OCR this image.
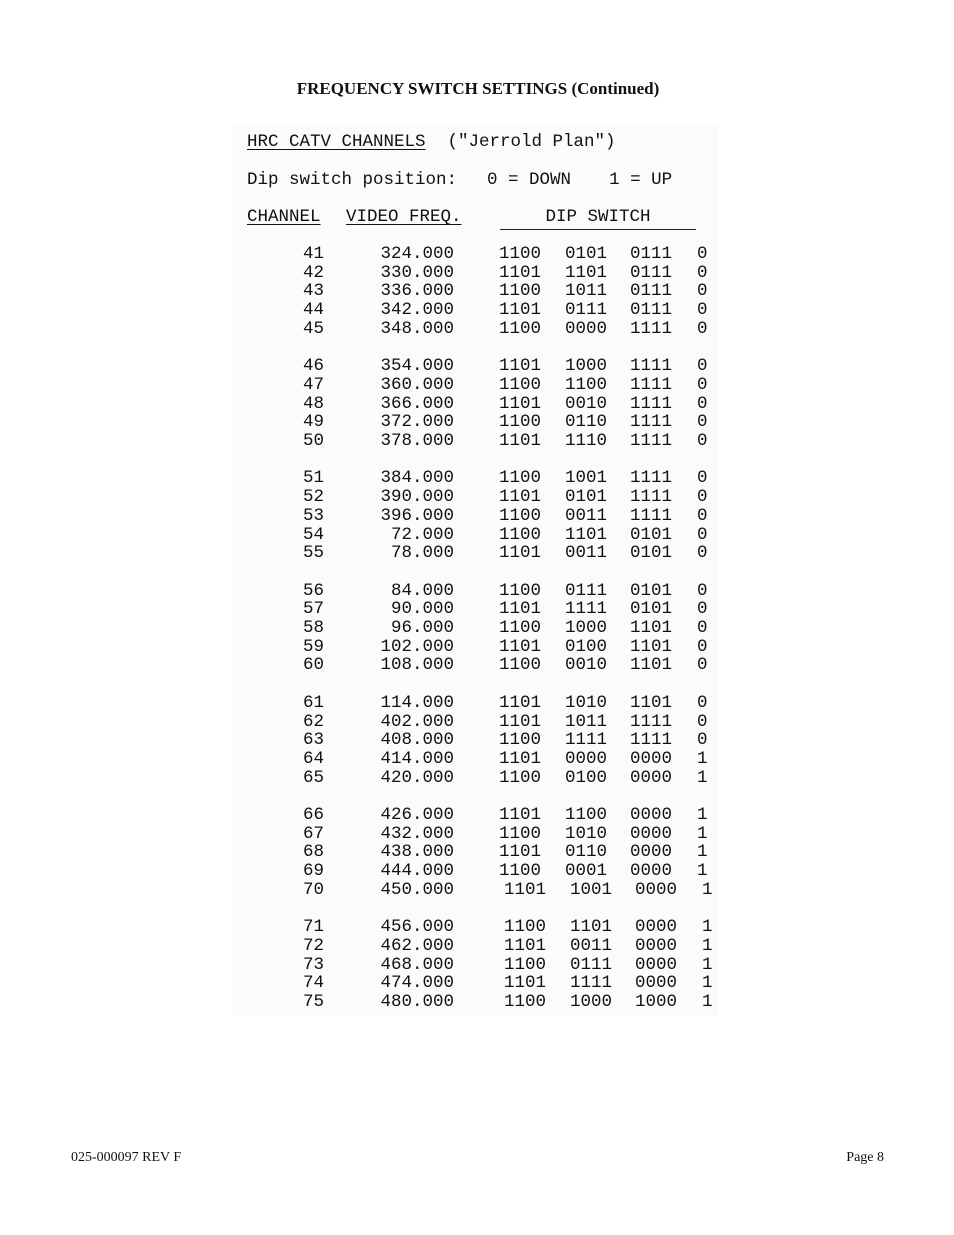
FREQUENCY SWITCH SETTINGS (Continued)
HRC CATV CHANNELS ("Jerrold Plan")
Dip switch position: 0 = DOWN 1 = UP
CHANNEL VIDEO FREQ.	DIP SWITCH
41	324.000	1100 0101 0111 0
42	330.000	1101 1101 0111 0
43	336.000	1100 1011 0111 0
44	342.000	1101 0111 0111 0
45	348.000	1100 0000 1111 0
46	354.000	1101 1000 1111 0
47	360.000	1100 1100 1111 0
48	366.000	1101 0010 1111 0
49	372.000	1100 0110 1111 0
50	378.000	1101 1110 1111 0
51	384.000	1100 1001 1111 0
52	390.000	1101 0101 1111 0
53	396.000	1100 0011 1111 0
54	72.000	1100 1101 0101 0
55	78.000	1101 0011 0101 0
56	84.000	1100 0111 0101 0
57	90.000	1101 1111 0101 0
58	96.000	1100 1000 1101 0
59	102.000	1101 0100 1101 0
60	108.000	1100 0010 1101 0
61	114.000	1101 1010 1101 0
62	402.000	1101 1011 1111 0
63	408.000	1100 1111 1111 0
64	414.000	1101 0000 0000 1
65	420.000	1100 0100 0000 1
66	426.000	1101 1100 0000 1
67	432.000	1100 1010 0000 1
68	438.000	1101 0110 0000 1
69	444.000	1100 0001 0000 1
70	450.000	1101 1001 0000 1
71	456.000	1100 1101 0000 1
72	462.000	1101 0011 0000 1
73	468.000	1100 0111 0000 1
74	474.000	1101 1111 0000 1
75	480.000	1100 1000 1000 1
025-000097 REV F	Page 8
